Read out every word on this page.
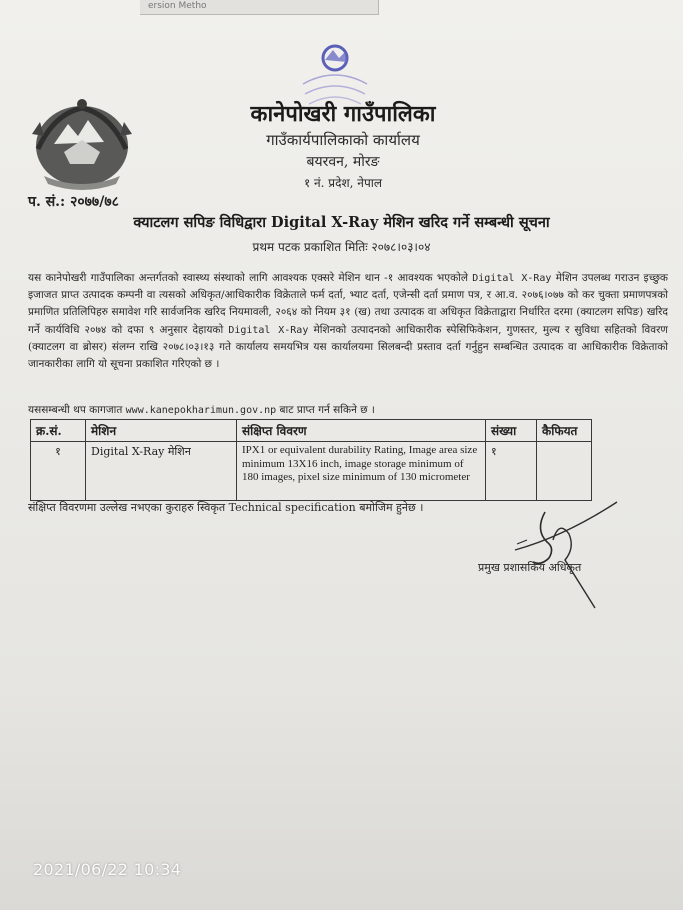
ersion Metho
कानेपोखरी गाउँपालिका
गाउँकार्यपालिकाको कार्यालय
बयरवन, मोरङ
१ नं. प्रदेश, नेपाल
प. सं.: २०७७/७८
क्याटलग सपिङ विधिद्वारा Digital X-Ray मेशिन खरिद गर्ने सम्बन्धी सूचना
प्रथम पटक प्रकाशित मितिः २०७८।०३।०४
यस कानेपोखरी गाउँपालिका अन्तर्गतको स्वास्थ्य संस्थाको लागि आवश्यक एक्सरे मेशिन थान -१ आवश्यक भएकोले Digital X-Ray मेशिन उपलब्ध गराउन इच्छुक इजाजत प्राप्त उत्पादक कम्पनी वा त्यसको अधिकृत/आधिकारीक विक्रेताले फर्म दर्ता, भ्याट दर्ता, एजेन्सी दर्ता प्रमाण पत्र, र आ.व. २०७६।०७७ को कर चुक्ता प्रमाणपत्रको प्रमाणित प्रतिलिपिहरु समावेश गरि सार्वजनिक खरिद नियमावली, २०६४ को नियम ३१ (ख) तथा उत्पादक वा अधिकृत विक्रेताद्वारा निर्धारित दरमा (क्याटलग सपिङ) खरिद गर्ने कार्यविधि २०७४ को दफा ९ अनुसार देहायको Digital X-Ray मेशिनको उत्पादनको आधिकारीक स्पेसिफिकेशन, गुणस्तर, मुल्य र सुविधा सहितको विवरण (क्याटलग वा ब्रोसर) संलग्न राखि २०७८।०३।१३ गते कार्यालय समयभित्र यस कार्यालयमा सिलबन्दी प्रस्ताव दर्ता गर्नुहुन सम्बन्धित उत्पादक वा आधिकारीक विक्रेताको जानकारीका लागि यो सूचना प्रकाशित गरिएको छ ।
यससम्बन्धी थप कागजात www.kanepokharimun.gov.np बाट प्राप्त गर्न सकिने छ ।
क्र.सं.	मेशिन	संक्षिप्त विवरण	संख्या	कैफियत
१	Digital X-Ray मेशिन	IPX1 or equivalent durability Rating, Image area size minimum 13X16 inch, image storage minimum of 180 images, pixel size minimum of 130 micrometer	१	
संक्षिप्त विवरणमा उल्लेख नभएका कुराहरु स्विकृत Technical specification बमोजिम हुनेछ ।
प्रमुख प्रशासकिय अधिकृत
2021/06/22 10:34
